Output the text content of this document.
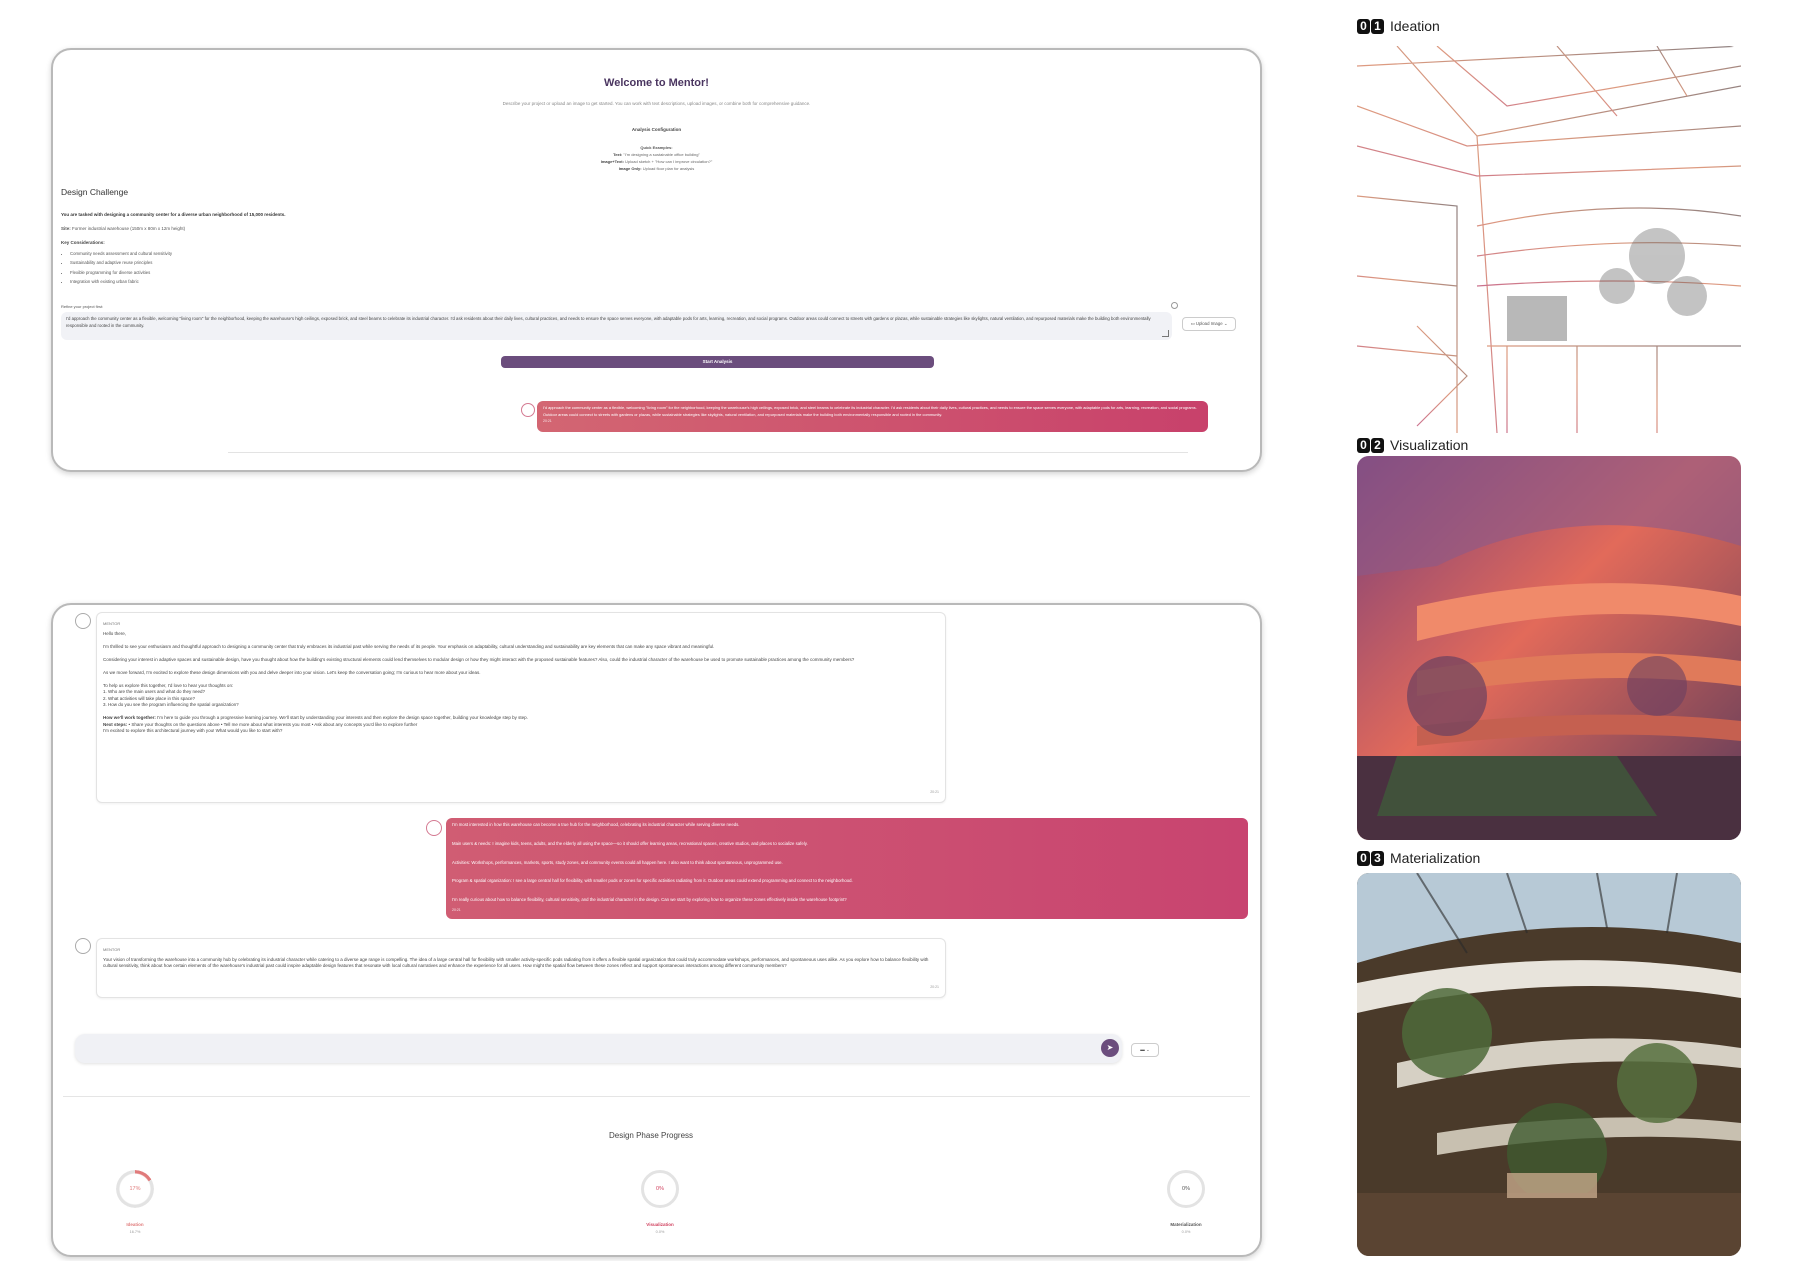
Welcome to Mentor!
Describe your project or upload an image to get started. You can work with text descriptions, upload images, or combine both for comprehensive guidance.
Analysis Configuration
Quick Examples:
Text: "I'm designing a sustainable office building"
Image+Text: Upload sketch + "How can I improve circulation?"
Image Only: Upload floor plan for analysis
Design Challenge
You are tasked with designing a community center for a diverse urban neighborhood of 15,000 residents.
Site: Former industrial warehouse (150m x 80m x 12m height)
Key Considerations:
• Community needs assessment and cultural sensitivity
• Sustainability and adaptive reuse principles
• Flexible programming for diverse activities
• Integration with existing urban fabric
Refine your project first:
I'd approach the community center as a flexible, welcoming "living room" for the neighborhood, keeping the warehouse's high ceilings, exposed brick, and steel beams to celebrate its industrial character. I'd ask residents about their daily lives, cultural practices, and needs to ensure the space serves everyone, with adaptable pods for arts, learning, recreation, and social programs. Outdoor areas could connect to streets with gardens or plazas, while sustainable strategies like skylights, natural ventilation, and repurposed materials make the building both environmentally responsible and rooted in the community.	▭ Upload Image ⌄
Start Analysis
I'd approach the community center as a flexible, welcoming "living room" for the neighborhood, keeping the warehouse's high ceilings, exposed brick, and steel beams to celebrate its industrial character. I'd ask residents about their daily lives, cultural practices, and needs to ensure the space serves everyone, with adaptable pods for arts, learning, recreation, and social programs. Outdoor areas could connect to streets with gardens or plazas, while sustainable strategies like skylights, natural ventilation, and repurposed materials make the building both environmentally responsible and rooted in the community.
20:21
MENTOR

Hello there,

I'm thrilled to see your enthusiasm and thoughtful approach to designing a community center that truly embraces its industrial past while serving the needs of its people. Your emphasis on adaptability, cultural understanding and sustainability are key elements that can make any space vibrant and meaningful.

Considering your interest in adaptive spaces and sustainable design, have you thought about how the building's existing structural elements could lend themselves to modular design or how they might interact with the proposed sustainable features? Also, could the industrial character of the warehouse be used to promote sustainable practices among the community members?

As we move forward, I'm excited to explore these design dimensions with you and delve deeper into your vision. Let's keep the conversation going; I'm curious to hear more about your ideas.

To help us explore this together, I'd love to hear your thoughts on:
1. Who are the main users and what do they need?
2. What activities will take place in this space?

3. How do you see the program influencing the spatial organization?

How we'll work together: I'm here to guide you through a progressive learning journey. We'll start by understanding your interests and then explore the design space together, building your knowledge step by step.
Next steps: • Share your thoughts on the questions above • Tell me more about what interests you most • Ask about any concepts you'd like to explore further
I'm excited to explore this architectural journey with you! What would you like to start with?
20:21

I'm most interested in how this warehouse can become a true hub for the neighborhood, celebrating its industrial character while serving diverse needs.

Main users & needs: I imagine kids, teens, adults, and the elderly all using the space—so it should offer learning areas, recreational spaces, creative studios, and places to socialize safely.

Activities: Workshops, performances, markets, sports, study zones, and community events could all happen here. I also want to think about spontaneous, unprogrammed use.

Program & spatial organization: I see a large central hall for flexibility, with smaller pods or zones for specific activities radiating from it. Outdoor areas could extend programming and connect to the neighborhood.

I'm really curious about how to balance flexibility, cultural sensitivity, and the industrial character in the design. Can we start by exploring how to organize these zones effectively inside the warehouse footprint?

20:21
MENTOR
Your vision of transforming the warehouse into a community hub by celebrating its industrial character while catering to a diverse age range is compelling. The idea of a large central hall for flexibility with smaller activity-specific pods radiating from it offers a flexible spatial organization that could truly accommodate workshops, performances, and spontaneous uses alike. As you explore how to balance flexibility with cultural sensitivity, think about how certain elements of the warehouse's industrial past could inspire adaptable design features that resonate with local cultural narratives and enhance the experience for all users. How might the spatial flow between these zones reflect and support spontaneous interactions among different community members?
20:21
➤	▬ ⌄
Design Phase Progress
Ideation
16.7%
0%
Visualization
0.0%
0%
Materialization
0.0%
17%
0 1 Ideation
0 2 Visualization
0 3 Materialization
